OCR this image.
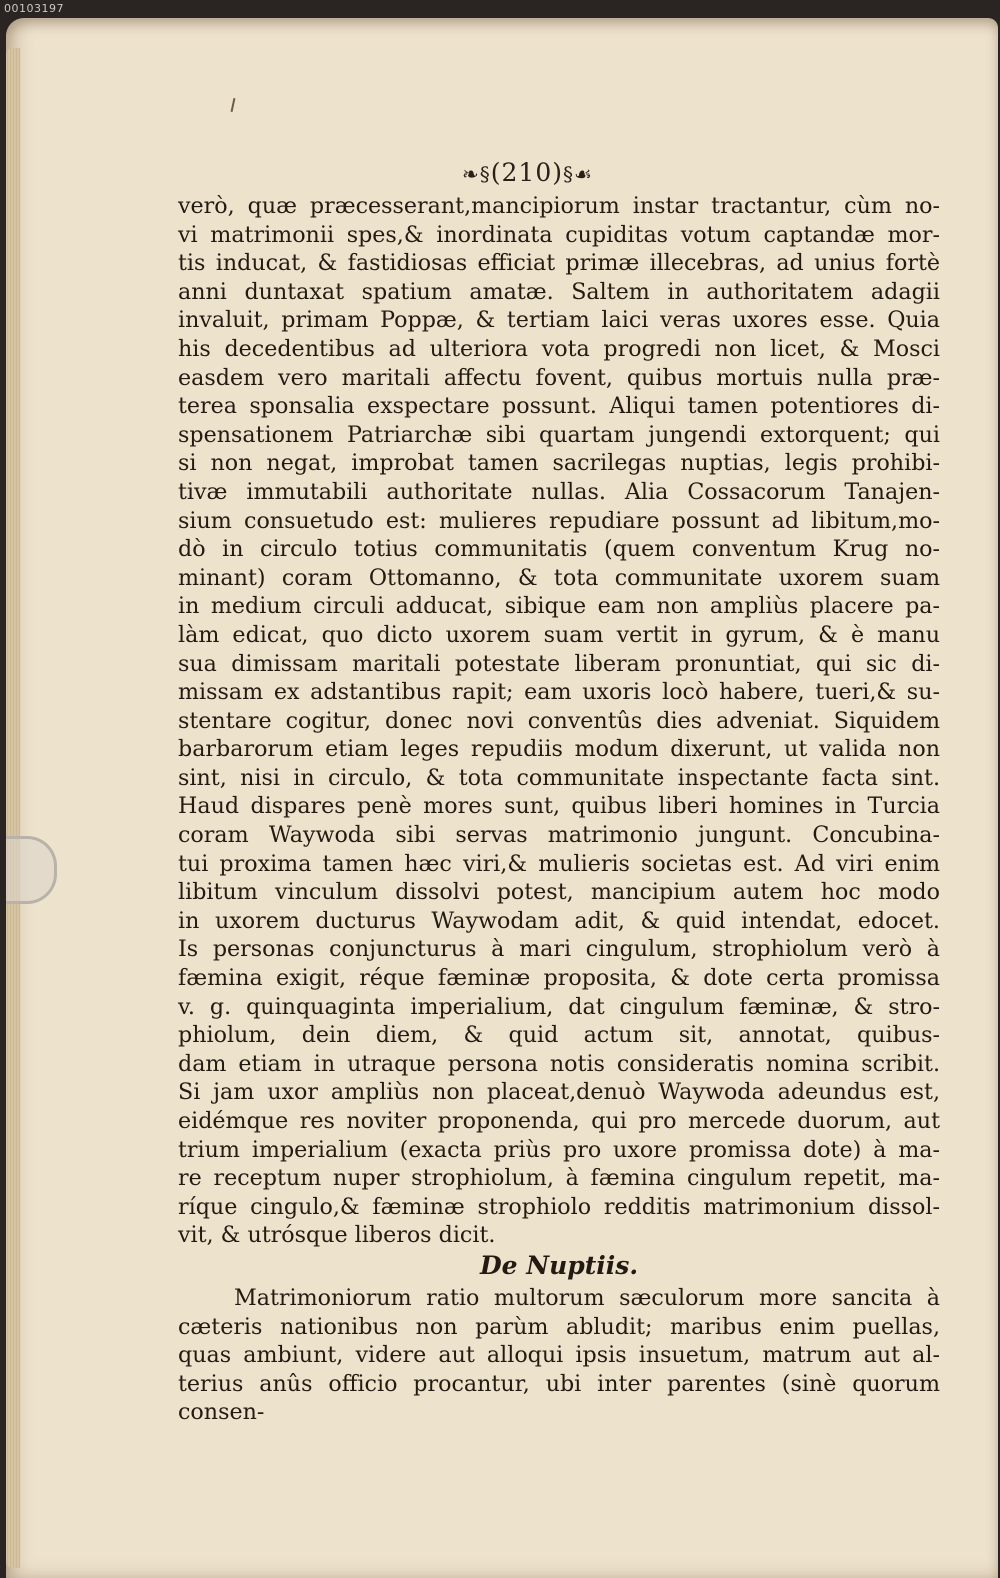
00103197
❧§(210)§☙
verò, quæ præcesserant,mancipiorum instar tractantur, cùm no-
vi matrimonii spes,& inordinata cupiditas votum captandæ mor-
tis inducat, & fastidiosas efficiat primæ illecebras, ad unius fortè
anni duntaxat spatium amatæ. Saltem in authoritatem adagii
invaluit, primam Poppæ, & tertiam laici veras uxores esse. Quia
his decedentibus ad ulteriora vota progredi non licet, & Mosci
easdem vero maritali affectu fovent, quibus mortuis nulla præ-
terea sponsalia exspectare possunt. Aliqui tamen potentiores di-
spensationem Patriarchæ sibi quartam jungendi extorquent; qui
si non negat, improbat tamen sacrilegas nuptias, legis prohibi-
tivæ immutabili authoritate nullas. Alia Cossacorum Tanajen-
sium consuetudo est: mulieres repudiare possunt ad libitum,mo-
dò in circulo totius communitatis (quem conventum Krug no-
minant) coram Ottomanno, & tota communitate uxorem suam
in medium circuli adducat, sibique eam non ampliùs placere pa-
làm edicat, quo dicto uxorem suam vertit in gyrum, & è manu
sua dimissam maritali potestate liberam pronuntiat, qui sic di-
missam ex adstantibus rapit; eam uxoris locò habere, tueri,& su-
stentare cogitur, donec novi conventûs dies adveniat. Siquidem
barbarorum etiam leges repudiis modum dixerunt, ut valida non
sint, nisi in circulo, & tota communitate inspectante facta sint.
Haud dispares penè mores sunt, quibus liberi homines in Turcia
coram Waywoda sibi servas matrimonio jungunt. Concubina-
tui proxima tamen hæc viri,& mulieris societas est. Ad viri enim
libitum vinculum dissolvi potest, mancipium autem hoc modo
in uxorem ducturus Waywodam adit, & quid intendat, edocet.
Is personas conjuncturus à mari cingulum, strophiolum verò à
fæmina exigit, réque fæminæ proposita, & dote certa promissa
v. g. quinquaginta imperialium, dat cingulum fæminæ, & stro-
phiolum, dein diem, & quid actum sit, annotat, quibus-
dam etiam in utraque persona notis consideratis nomina scribit.
Si jam uxor ampliùs non placeat,denuò Waywoda adeundus est,
eidémque res noviter proponenda, qui pro mercede duorum, aut
trium imperialium (exacta priùs pro uxore promissa dote) à ma-
re receptum nuper strophiolum, à fæmina cingulum repetit, ma-
ríque cingulo,& fæminæ strophiolo redditis matrimonium dissol-
vit, & utrósque liberos dicit.
De Nuptiis.
Matrimoniorum ratio multorum sæculorum more sancita à
cæteris nationibus non parùm abludit; maribus enim puellas,
quas ambiunt, videre aut alloqui ipsis insuetum, matrum aut al-
terius anûs officio procantur, ubi inter parentes (sinè quorum
consen-
